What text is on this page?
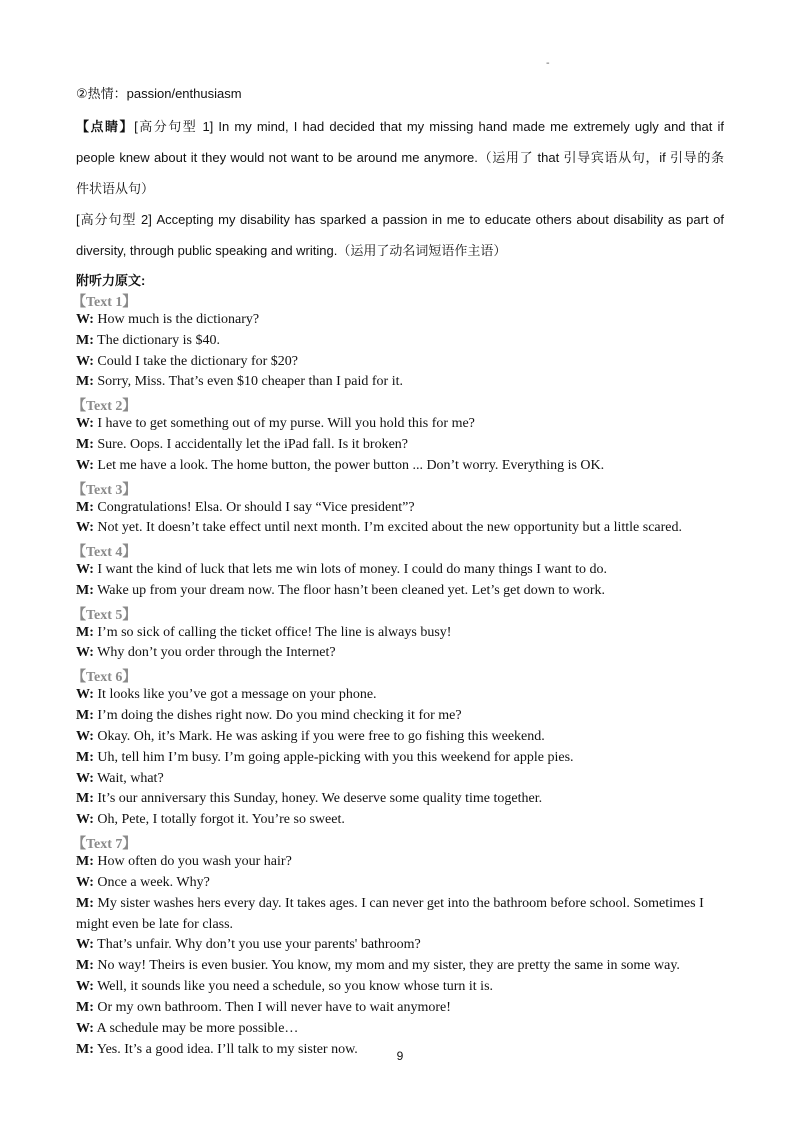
-
②热情：passion/enthusiasm
【点睛】[高分句型 1] In my mind, I had decided that my missing hand made me extremely ugly and that if
people knew about it they would not want to be around me anymore.（运用了 that 引导宾语从句，if 引导的条
件状语从句）
[高分句型 2] Accepting my disability has sparked a passion in me to educate others about disability as part of
diversity, through public speaking and writing.（运用了动名词短语作主语）
附听力原文:
【Text 1】
W: How much is the dictionary?
M: The dictionary is $40.
W: Could I take the dictionary for $20?
M: Sorry, Miss. That’s even $10 cheaper than I paid for it.
【Text 2】
W: I have to get something out of my purse. Will you hold this for me?
M: Sure. Oops. I accidentally let the iPad fall. Is it broken?
W: Let me have a look. The home button, the power button ... Don’t worry. Everything is OK.
【Text 3】
M: Congratulations! Elsa. Or should I say “Vice president”?
W: Not yet. It doesn’t take effect until next month. I’m excited about the new opportunity but a little scared.
【Text 4】
W: I want the kind of luck that lets me win lots of money. I could do many things I want to do.
M: Wake up from your dream now. The floor hasn’t been cleaned yet. Let’s get down to work.
【Text 5】
M: I’m so sick of calling the ticket office! The line is always busy!
W: Why don’t you order through the Internet?
【Text 6】
W: It looks like you’ve got a message on your phone.
M: I’m doing the dishes right now. Do you mind checking it for me?
W: Okay. Oh, it’s Mark. He was asking if you were free to go fishing this weekend.
M: Uh, tell him I’m busy. I’m going apple-picking with you this weekend for apple pies.
W: Wait, what?
M: It’s our anniversary this Sunday, honey. We deserve some quality time together.
W: Oh, Pete, I totally forgot it. You’re so sweet.
【Text 7】
M: How often do you wash your hair?
W: Once a week. Why?
M: My sister washes hers every day. It takes ages. I can never get into the bathroom before school. Sometimes I
might even be late for class.
W: That’s unfair. Why don’t you use your parents' bathroom?
M: No way! Theirs is even busier. You know, my mom and my sister, they are pretty the same in some way.
W: Well, it sounds like you need a schedule, so you know whose turn it is.
M: Or my own bathroom. Then I will never have to wait anymore!
W: A schedule may be more possible…
M: Yes. It’s a good idea. I’ll talk to my sister now.	9
